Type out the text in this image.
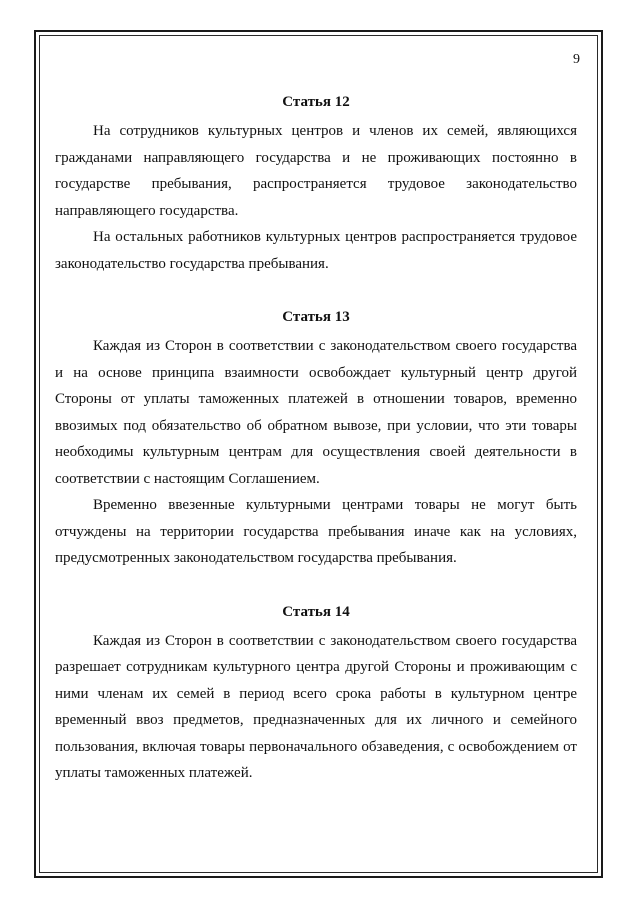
9
Статья 12

На сотрудников культурных центров и членов их семей, являющихся гражданами направляющего государства и не проживающих постоянно в государстве пребывания, распространяется трудовое законодательство направляющего государства.

На остальных работников культурных центров распространяется трудовое законодательство государства пребывания.

Статья 13

Каждая из Сторон в соответствии с законодательством своего государства и на основе принципа взаимности освобождает культурный центр другой Стороны от уплаты таможенных платежей в отношении товаров, временно ввозимых под обязательство об обратном вывозе, при условии, что эти товары необходимы культурным центрам для осуществления своей деятельности в соответствии с настоящим Соглашением.

Временно ввезенные культурными центрами товары не могут быть отчуждены на территории государства пребывания иначе как на условиях, предусмотренных законодательством государства пребывания.

Статья 14

Каждая из Сторон в соответствии с законодательством своего государства разрешает сотрудникам культурного центра другой Стороны и проживающим с ними членам их семей в период всего срока работы в культурном центре временный ввоз предметов, предназначенных для их личного и семейного пользования, включая товары первоначального обзаведения, с освобождением от уплаты таможенных платежей.
